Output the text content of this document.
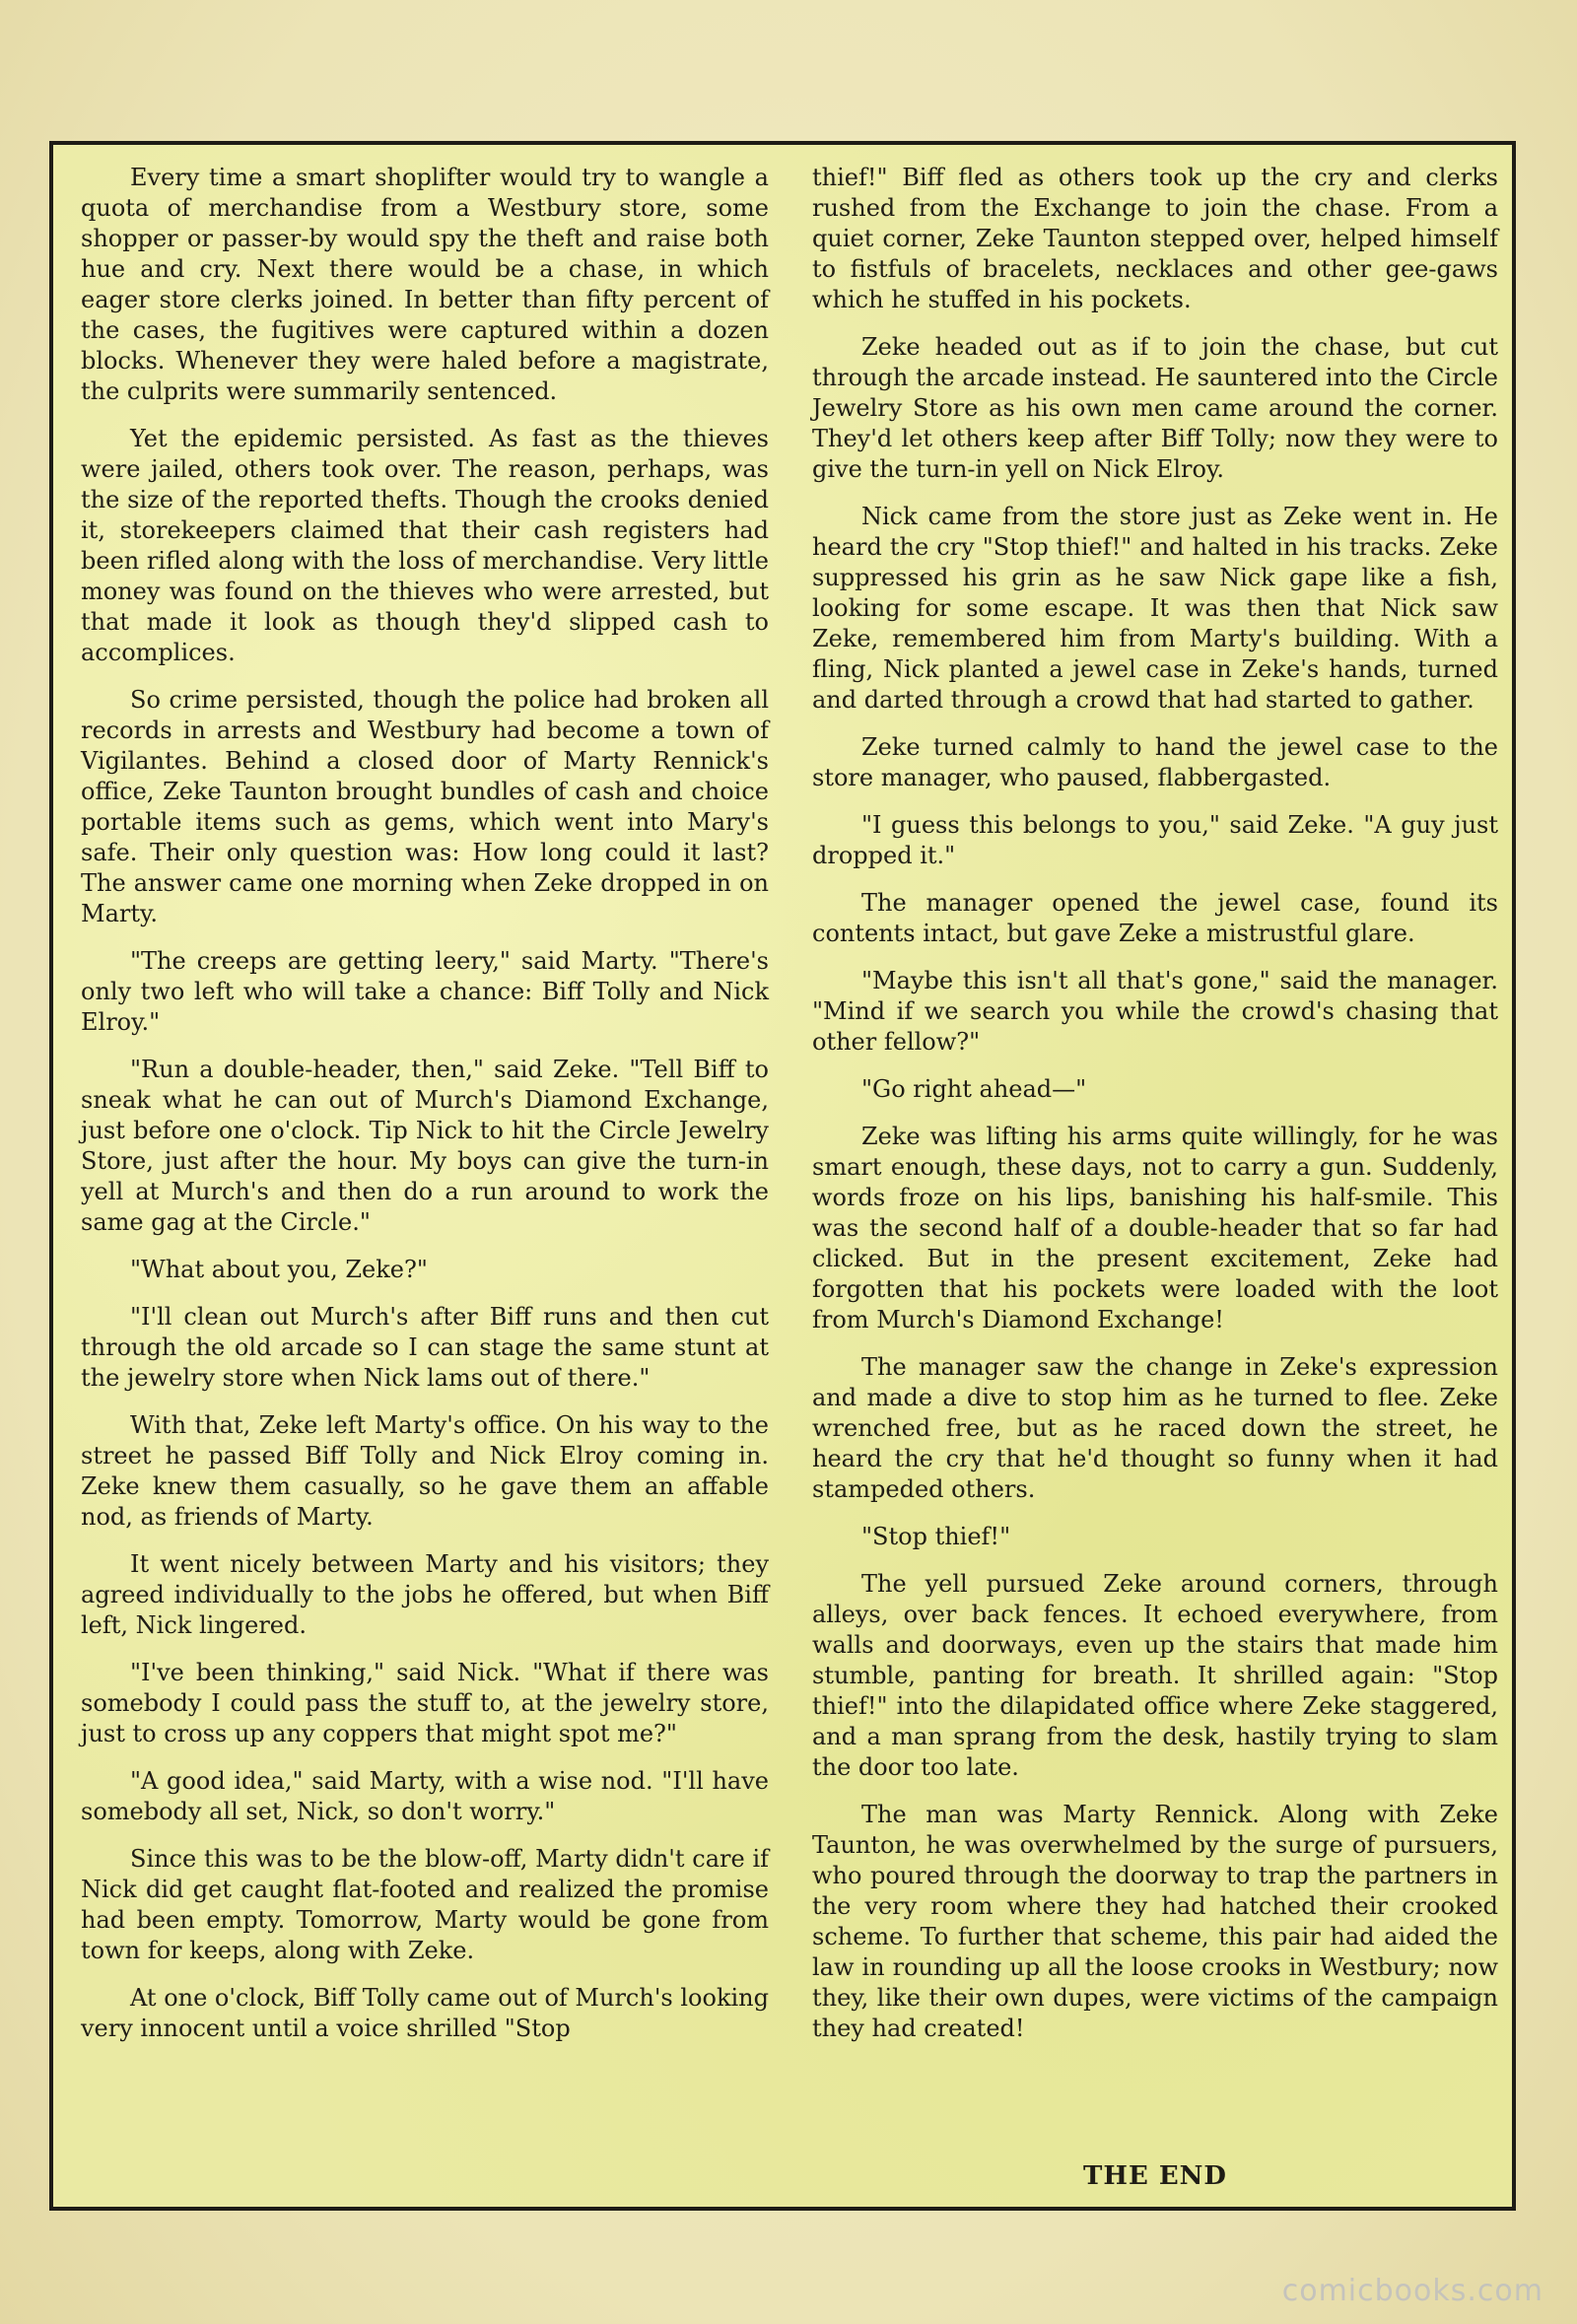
Every time a smart shoplifter would try to wangle a quota of merchandise from a Westbury store, some shopper or passer-by would spy the theft and raise both hue and cry. Next there would be a chase, in which eager store clerks joined. In better than fifty percent of the cases, the fugitives were captured within a dozen blocks. Whenever they were haled before a magistrate, the culprits were summarily sentenced.

Yet the epidemic persisted. As fast as the thieves were jailed, others took over. The reason, perhaps, was the size of the reported thefts. Though the crooks denied it, storekeepers claimed that their cash registers had been rifled along with the loss of merchandise. Very little money was found on the thieves who were arrested, but that made it look as though they'd slipped cash to accomplices.

So crime persisted, though the police had broken all records in arrests and Westbury had become a town of Vigilantes. Behind a closed door of Marty Rennick's office, Zeke Taunton brought bundles of cash and choice portable items such as gems, which went into Mary's safe. Their only question was: How long could it last? The answer came one morning when Zeke dropped in on Marty.

"The creeps are getting leery," said Marty. "There's only two left who will take a chance: Biff Tolly and Nick Elroy."

"Run a double-header, then," said Zeke. "Tell Biff to sneak what he can out of Murch's Diamond Exchange, just before one o'clock. Tip Nick to hit the Circle Jewelry Store, just after the hour. My boys can give the turn-in yell at Murch's and then do a run around to work the same gag at the Circle."

"What about you, Zeke?"

"I'll clean out Murch's after Biff runs and then cut through the old arcade so I can stage the same stunt at the jewelry store when Nick lams out of there."

With that, Zeke left Marty's office. On his way to the street he passed Biff Tolly and Nick Elroy coming in. Zeke knew them casually, so he gave them an affable nod, as friends of Marty.

It went nicely between Marty and his visitors; they agreed individually to the jobs he offered, but when Biff left, Nick lingered.

"I've been thinking," said Nick. "What if there was somebody I could pass the stuff to, at the jewelry store, just to cross up any coppers that might spot me?"

"A good idea," said Marty, with a wise nod. "I'll have somebody all set, Nick, so don't worry."

Since this was to be the blow-off, Marty didn't care if Nick did get caught flat-footed and realized the promise had been empty. Tomorrow, Marty would be gone from town for keeps, along with Zeke.

At one o'clock, Biff Tolly came out of Murch's looking very innocent until a voice shrilled "Stop

thief!" Biff fled as others took up the cry and clerks rushed from the Exchange to join the chase. From a quiet corner, Zeke Taunton stepped over, helped himself to fistfuls of bracelets, necklaces and other gee-gaws which he stuffed in his pockets.

Zeke headed out as if to join the chase, but cut through the arcade instead. He sauntered into the Circle Jewelry Store as his own men came around the corner. They'd let others keep after Biff Tolly; now they were to give the turn-in yell on Nick Elroy.

Nick came from the store just as Zeke went in. He heard the cry "Stop thief!" and halted in his tracks. Zeke suppressed his grin as he saw Nick gape like a fish, looking for some escape. It was then that Nick saw Zeke, remembered him from Marty's building. With a fling, Nick planted a jewel case in Zeke's hands, turned and darted through a crowd that had started to gather.

Zeke turned calmly to hand the jewel case to the store manager, who paused, flabbergasted.

"I guess this belongs to you," said Zeke. "A guy just dropped it."

The manager opened the jewel case, found its contents intact, but gave Zeke a mistrustful glare.

"Maybe this isn't all that's gone," said the manager. "Mind if we search you while the crowd's chasing that other fellow?"

"Go right ahead—"

Zeke was lifting his arms quite willingly, for he was smart enough, these days, not to carry a gun. Suddenly, words froze on his lips, banishing his half-smile. This was the second half of a double-header that so far had clicked. But in the present excitement, Zeke had forgotten that his pockets were loaded with the loot from Murch's Diamond Exchange!

The manager saw the change in Zeke's expression and made a dive to stop him as he turned to flee. Zeke wrenched free, but as he raced down the street, he heard the cry that he'd thought so funny when it had stampeded others.

"Stop thief!"

The yell pursued Zeke around corners, through alleys, over back fences. It echoed everywhere, from walls and doorways, even up the stairs that made him stumble, panting for breath. It shrilled again: "Stop thief!" into the dilapidated office where Zeke staggered, and a man sprang from the desk, hastily trying to slam the door too late.

The man was Marty Rennick. Along with Zeke Taunton, he was overwhelmed by the surge of pursuers, who poured through the doorway to trap the partners in the very room where they had hatched their crooked scheme. To further that scheme, this pair had aided the law in rounding up all the loose crooks in Westbury; now they, like their own dupes, were victims of the campaign they had created!

THE END
comicbooks.com
